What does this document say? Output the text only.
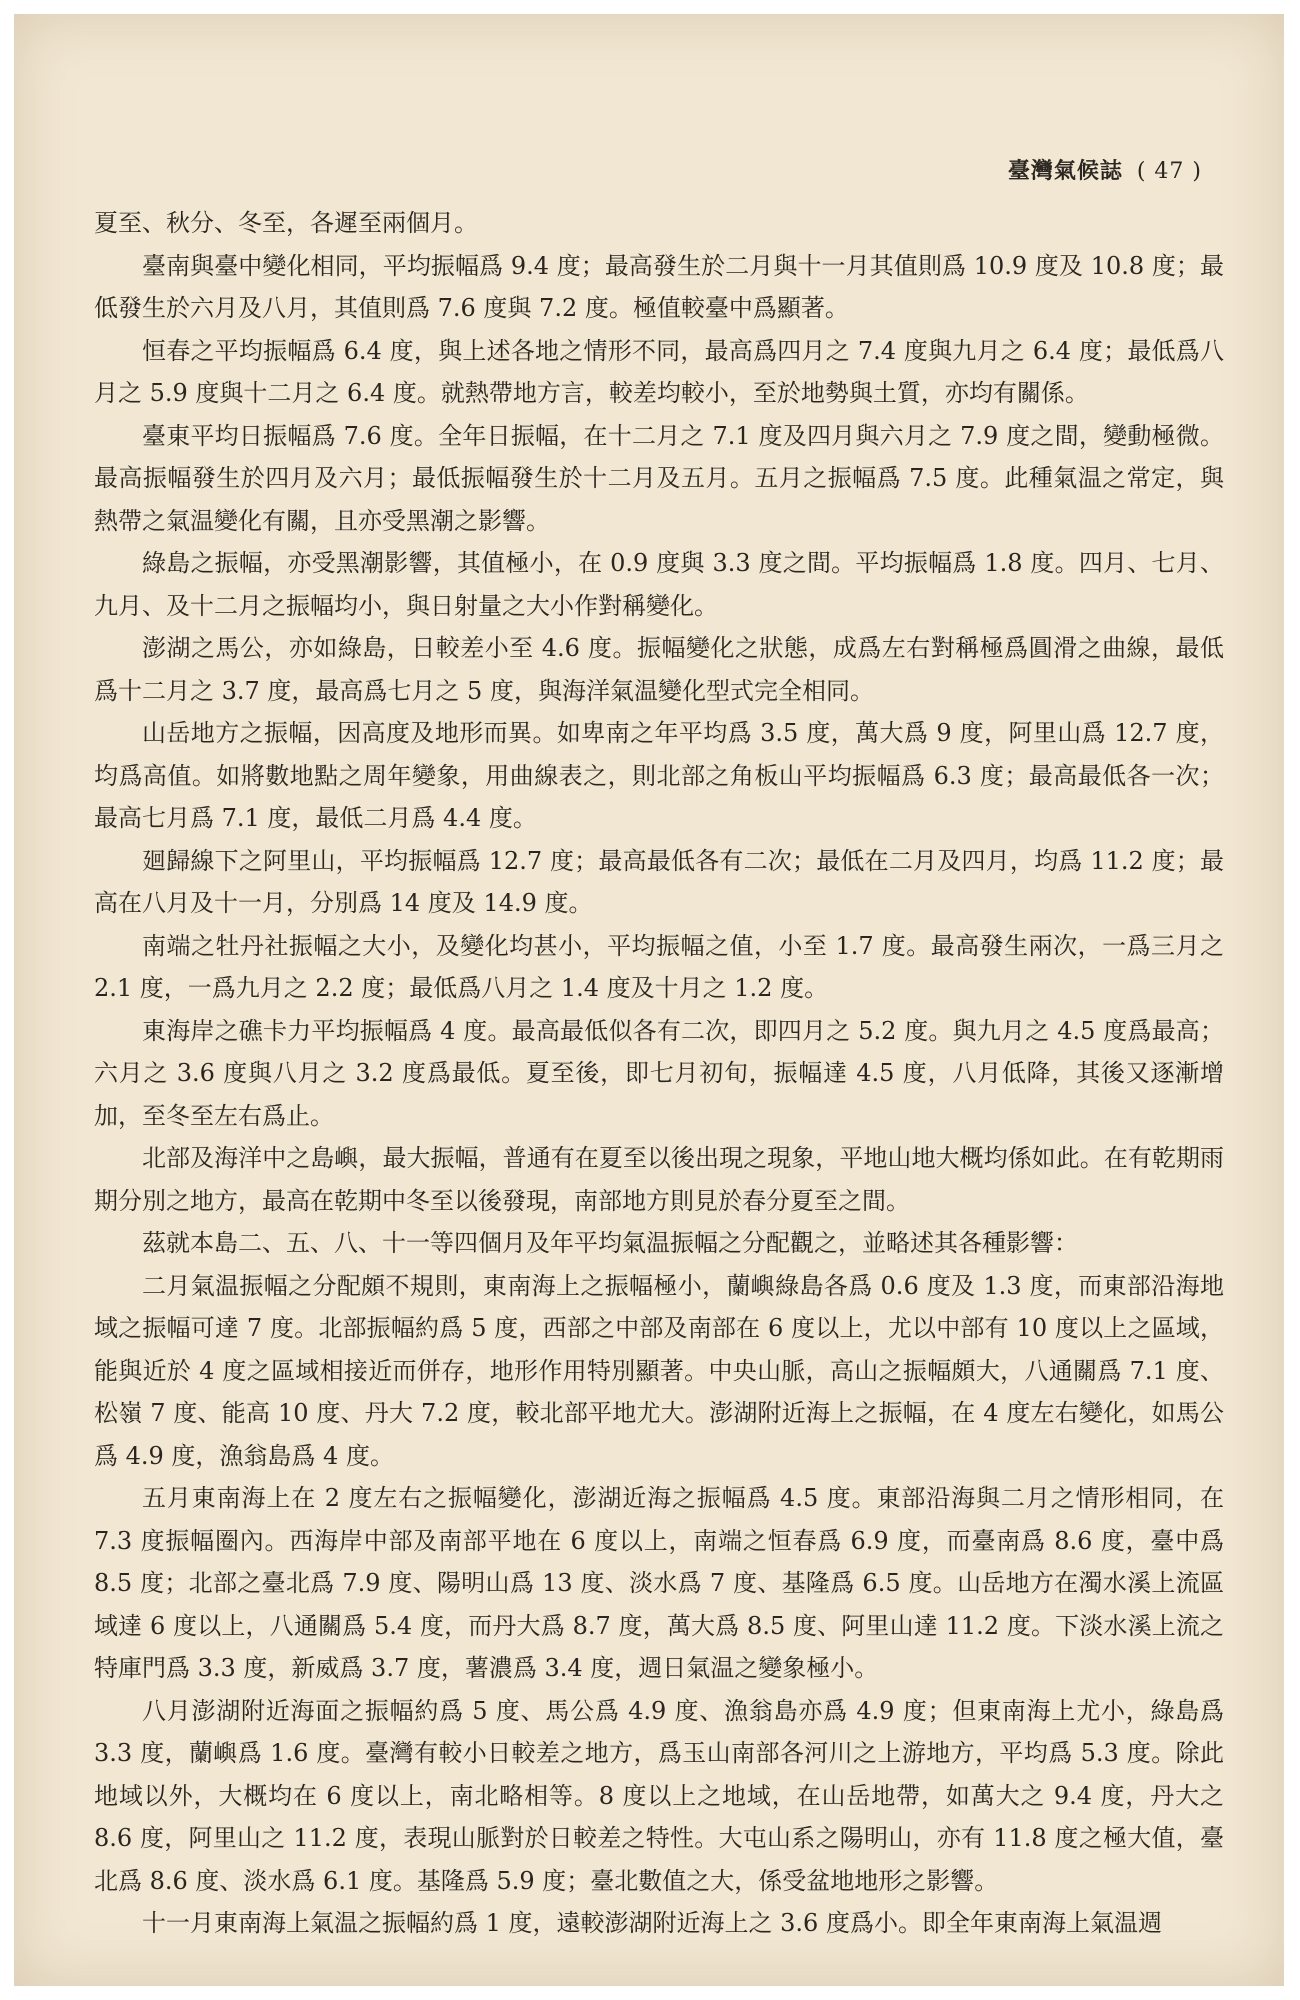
臺灣氣候誌 ( 47 )

夏至、秋分、冬至，各遲至兩個月。

臺南與臺中變化相同，平均振幅爲 9.4 度；最高發生於二月與十一月其值則爲 10.9 度及 10.8 度；最低發生於六月及八月，其值則爲 7.6 度與 7.2 度。極值較臺中爲顯著。

恒春之平均振幅爲 6.4 度，與上述各地之情形不同，最高爲四月之 7.4 度與九月之 6.4 度；最低爲八月之 5.9 度與十二月之 6.4 度。就熱帶地方言，較差均較小，至於地勢與土質，亦均有關係。

臺東平均日振幅爲 7.6 度。全年日振幅，在十二月之 7.1 度及四月與六月之 7.9 度之間，變動極微。最高振幅發生於四月及六月；最低振幅發生於十二月及五月。五月之振幅爲 7.5 度。此種氣温之常定，與熱帶之氣温變化有關，且亦受黑潮之影響。

綠島之振幅，亦受黑潮影響，其值極小，在 0.9 度與 3.3 度之間。平均振幅爲 1.8 度。四月、七月、九月、及十二月之振幅均小，與日射量之大小作對稱變化。

澎湖之馬公，亦如綠島，日較差小至 4.6 度。振幅變化之狀態，成爲左右對稱極爲圓滑之曲線，最低爲十二月之 3.7 度，最高爲七月之 5 度，與海洋氣温變化型式完全相同。

山岳地方之振幅，因高度及地形而異。如卑南之年平均爲 3.5 度，萬大爲 9 度，阿里山爲 12.7 度，均爲高值。如將數地點之周年變象，用曲線表之，則北部之角板山平均振幅爲 6.3 度；最高最低各一次；最高七月爲 7.1 度，最低二月爲 4.4 度。

廻歸線下之阿里山，平均振幅爲 12.7 度；最高最低各有二次；最低在二月及四月，均爲 11.2 度；最高在八月及十一月，分別爲 14 度及 14.9 度。

南端之牡丹社振幅之大小，及變化均甚小，平均振幅之值，小至 1.7 度。最高發生兩次，一爲三月之 2.1 度，一爲九月之 2.2 度；最低爲八月之 1.4 度及十月之 1.2 度。

東海岸之礁卡力平均振幅爲 4 度。最高最低似各有二次，即四月之 5.2 度。與九月之 4.5 度爲最高；六月之 3.6 度與八月之 3.2 度爲最低。夏至後，即七月初旬，振幅達 4.5 度，八月低降，其後又逐漸增加，至冬至左右爲止。

北部及海洋中之島嶼，最大振幅，普通有在夏至以後出現之現象，平地山地大概均係如此。在有乾期雨期分別之地方，最高在乾期中冬至以後發現，南部地方則見於春分夏至之間。

茲就本島二、五、八、十一等四個月及年平均氣温振幅之分配觀之，並略述其各種影響：

二月氣温振幅之分配頗不規則，東南海上之振幅極小，蘭嶼綠島各爲 0.6 度及 1.3 度，而東部沿海地域之振幅可達 7 度。北部振幅約爲 5 度，西部之中部及南部在 6 度以上，尤以中部有 10 度以上之區域，能與近於 4 度之區域相接近而併存，地形作用特別顯著。中央山脈，高山之振幅頗大，八通關爲 7.1 度、松嶺 7 度、能高 10 度、丹大 7.2 度，較北部平地尤大。澎湖附近海上之振幅，在 4 度左右變化，如馬公爲 4.9 度，漁翁島爲 4 度。

五月東南海上在 2 度左右之振幅變化，澎湖近海之振幅爲 4.5 度。東部沿海與二月之情形相同，在 7.3 度振幅圈內。西海岸中部及南部平地在 6 度以上，南端之恒春爲 6.9 度，而臺南爲 8.6 度，臺中爲 8.5 度；北部之臺北爲 7.9 度、陽明山爲 13 度、淡水爲 7 度、基隆爲 6.5 度。山岳地方在濁水溪上流區域達 6 度以上，八通關爲 5.4 度，而丹大爲 8.7 度，萬大爲 8.5 度、阿里山達 11.2 度。下淡水溪上流之特庫門爲 3.3 度，新威爲 3.7 度，薯濃爲 3.4 度，週日氣温之變象極小。

八月澎湖附近海面之振幅約爲 5 度、馬公爲 4.9 度、漁翁島亦爲 4.9 度；但東南海上尤小，綠島爲 3.3 度，蘭嶼爲 1.6 度。臺灣有較小日較差之地方，爲玉山南部各河川之上游地方，平均爲 5.3 度。除此地域以外，大概均在 6 度以上，南北略相等。8 度以上之地域，在山岳地帶，如萬大之 9.4 度，丹大之 8.6 度，阿里山之 11.2 度，表現山脈對於日較差之特性。大屯山系之陽明山，亦有 11.8 度之極大值，臺北爲 8.6 度、淡水爲 6.1 度。基隆爲 5.9 度；臺北數值之大，係受盆地地形之影響。

十一月東南海上氣温之振幅約爲 1 度，遠較澎湖附近海上之 3.6 度爲小。即全年東南海上氣温週
